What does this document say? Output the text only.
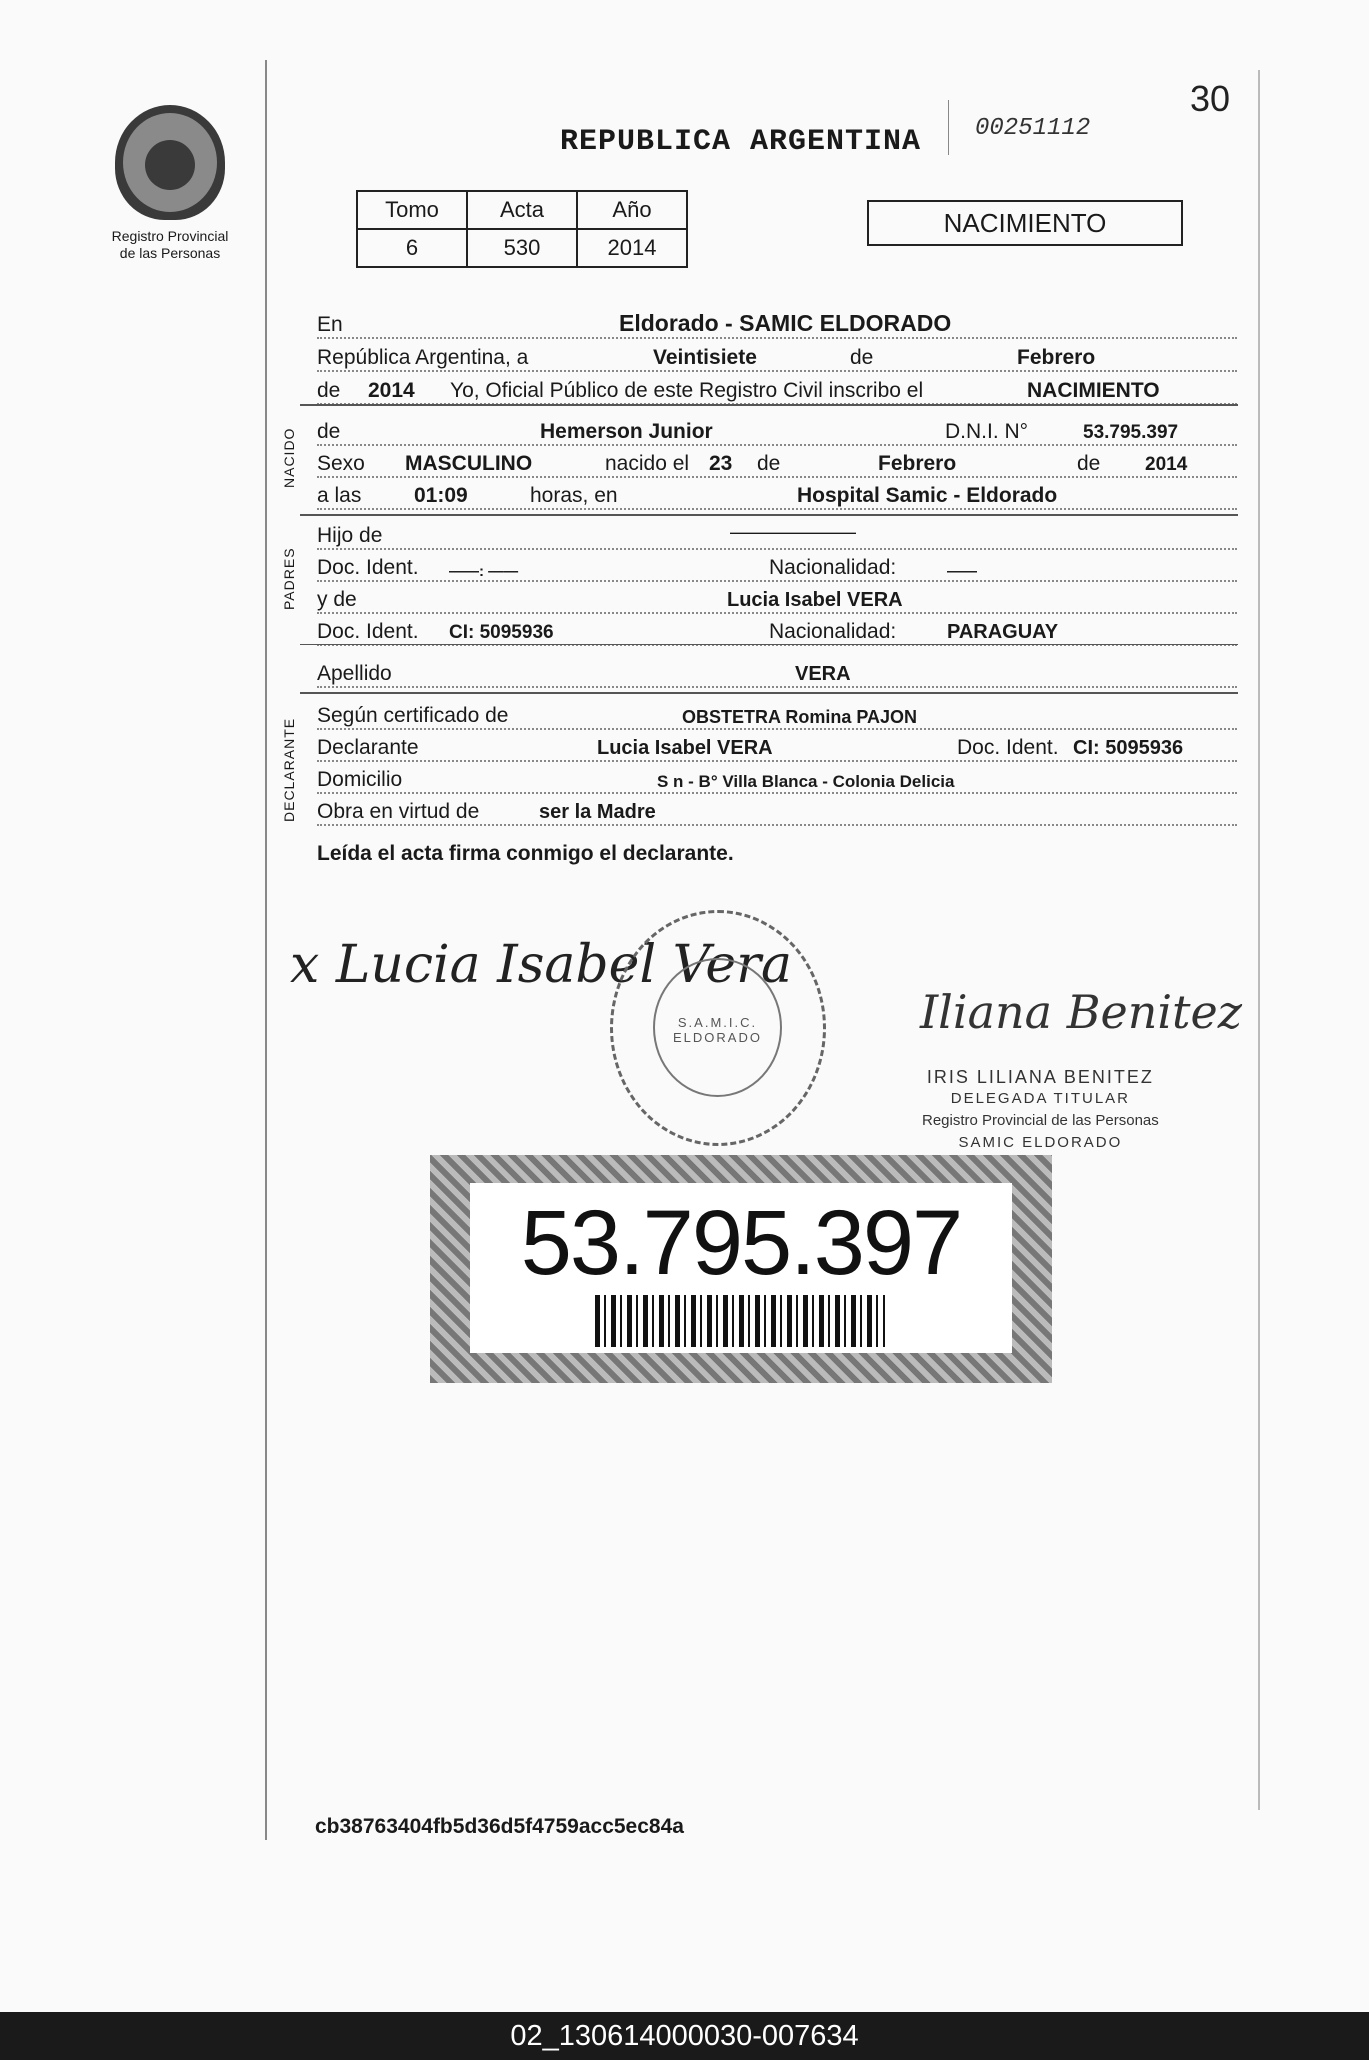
Registro Provincial
de las Personas
REPUBLICA ARGENTINA 00251112
30
Tomo	Acta	Año
6	530	2014
NACIMIENTO
En	Eldorado - SAMIC ELDORADO
República Argentina, a	Veintisiete	de	Febrero
de 2014 Yo, Oficial Público de este Registro Civil inscribo el	NACIMIENTO
NACIDO de	Hemerson Junior	D.N.I. N°	53.795.397
Sexo MASCULINO	nacido el 23 de	Febrero	de 2014
a las	01:09	horas, en	Hospital Samic - Eldorado
PADRES
Hijo de	—————————
Doc. Ident. ——: ——	Nacionalidad:	——
y de	Lucia Isabel VERA
Doc. Ident. CI: 5095936	Nacionalidad:	PARAGUAY
Apellido	VERA
DECLARANTE
Según certificado de	OBSTETRA Romina PAJON
Declarante	Lucia Isabel VERA	Doc. Ident. CI: 5095936
Domicilio	S n - B° Villa Blanca - Colonia Delicia
Obra en virtud de	ser la Madre
Leída el acta firma conmigo el declarante.
x Lucia Isabel Vera
S.A.M.I.C. ELDORADO	Iliana Benitez
IRIS LILIANA BENITEZ
DELEGADA TITULAR
Registro Provincial de las Personas
SAMIC ELDORADO
53.795.397
cb38763404fb5d36d5f4759acc5ec84a
02_130614000030-007634
